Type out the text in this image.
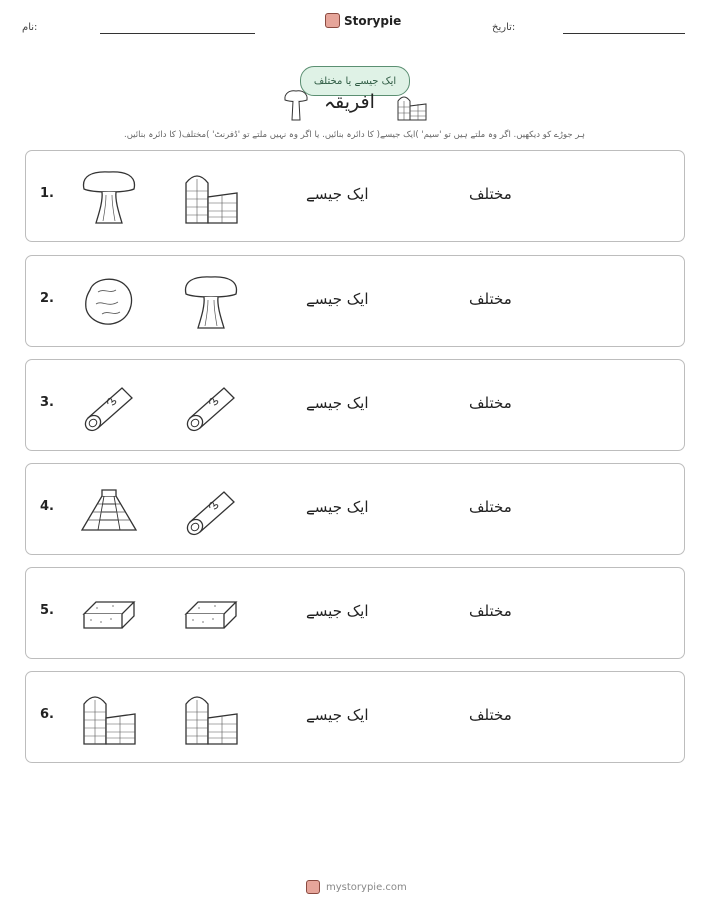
نام:	Storypie	تاریخ:
ایک جیسے یا مختلف
افریقہ
ہر جوڑے کو دیکھیں. اگر وہ ملتے ہیں تو 'سیم' )ایک جیسے( کا دائرہ بنائیں. یا اگر وہ نہیں ملتے تو 'ڈفرنٹ' )مختلف( کا دائرہ بنائیں.
1.	ایک جیسے	مختلف
2.	ایک جیسے	مختلف
3.	ایک جیسے	مختلف
4.	ایک جیسے	مختلف
5.	ایک جیسے	مختلف
6.	ایک جیسے	مختلف
mystorypie.com
